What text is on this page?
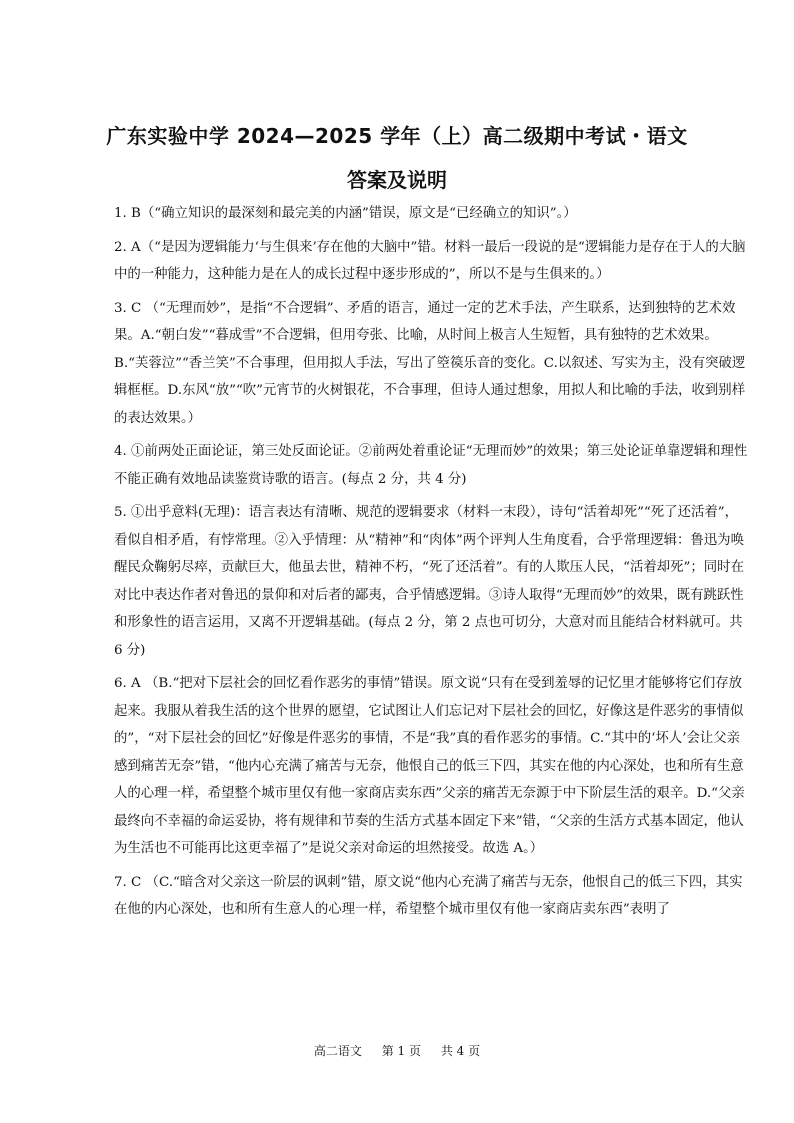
广东实验中学 2024—2025 学年（上）高二级期中考试・语文
答案及说明
1. B（“确立知识的最深刻和最完美的内涵”错误，原文是“已经确立的知识”。）
2. A（“是因为逻辑能力‘与生俱来’存在他的大脑中”错。材料一最后一段说的是“逻辑能力是存在于人的大脑中的一种能力，这种能力是在人的成长过程中逐步形成的”，所以不是与生俱来的。）
3. C （“无理而妙”，是指“不合逻辑”、矛盾的语言，通过一定的艺术手法，产生联系，达到独特的艺术效果。A.“朝白发”“暮成雪”不合逻辑，但用夸张、比喻，从时间上极言人生短暂，具有独特的艺术效果。B.“芙蓉泣”“香兰笑”不合事理，但用拟人手法，写出了箜篌乐音的变化。C.以叙述、写实为主，没有突破逻辑框框。D.东风“放”“吹”元宵节的火树银花，不合事理，但诗人通过想象，用拟人和比喻的手法，收到别样的表达效果。）
4. ①前两处正面论证，第三处反面论证。②前两处着重论证“无理而妙”的效果；第三处论证单靠逻辑和理性不能正确有效地品读鉴赏诗歌的语言。(每点 2 分，共 4 分)
5. ①出乎意料(无理)：语言表达有清晰、规范的逻辑要求（材料一末段），诗句“活着却死”“死了还活着”，看似自相矛盾，有悖常理。②入乎情理：从“精神”和“肉体”两个评判人生角度看，合乎常理逻辑：鲁迅为唤醒民众鞠躬尽瘁，贡献巨大，他虽去世，精神不朽，“死了还活着”。有的人欺压人民，“活着却死”；同时在对比中表达作者对鲁迅的景仰和对后者的鄙夷，合乎情感逻辑。③诗人取得“无理而妙”的效果，既有跳跃性和形象性的语言运用，又离不开逻辑基础。(每点 2 分，第 2 点也可切分，大意对而且能结合材料就可。共 6 分)
6. A （B.“把对下层社会的回忆看作恶劣的事情”错误。原文说“只有在受到羞辱的记忆里才能够将它们存放起来。我服从着我生活的这个世界的愿望，它试图让人们忘记对下层社会的回忆，好像这是件恶劣的事情似的”，“对下层社会的回忆”好像是件恶劣的事情，不是“我”真的看作恶劣的事情。C.“其中的‘坏人’会让父亲感到痛苦无奈”错，“他内心充满了痛苦与无奈，他恨自己的低三下四，其实在他的内心深处，也和所有生意人的心理一样，希望整个城市里仅有他一家商店卖东西”父亲的痛苦无奈源于中下阶层生活的艰辛。D.“父亲最终向不幸福的命运妥协，将有规律和节奏的生活方式基本固定下来”错，“父亲的生活方式基本固定，他认为生活也不可能再比这更幸福了”是说父亲对命运的坦然接受。故选 A。）
7. C （C.“暗含对父亲这一阶层的讽刺”错，原文说“他内心充满了痛苦与无奈，他恨自己的低三下四，其实在他的内心深处，也和所有生意人的心理一样，希望整个城市里仅有他一家商店卖东西”表明了
高二语文 第 1 页 共 4 页
